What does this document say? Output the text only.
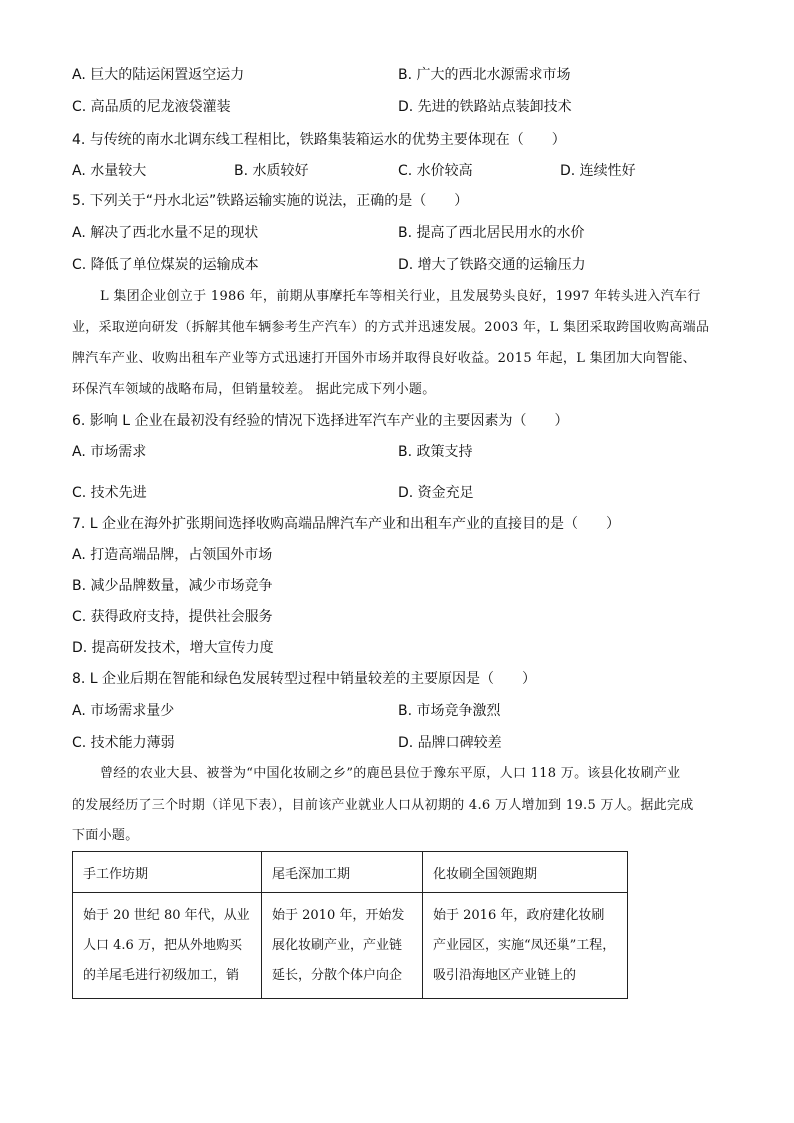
A. 巨大的陆运闲置返空运力	B. 广大的西北水源需求市场
C. 高品质的尼龙液袋灌装	D. 先进的铁路站点装卸技术
4. 与传统的南水北调东线工程相比，铁路集装箱运水的优势主要体现在（　　）
A. 水量较大	B. 水质较好	C. 水价较高	D. 连续性好
5. 下列关于“丹水北运”铁路运输实施的说法，正确的是（　　）
A. 解决了西北水量不足的现状	B. 提高了西北居民用水的水价
C. 降低了单位煤炭的运输成本	D. 增大了铁路交通的运输压力
L 集团企业创立于 1986 年，前期从事摩托车等相关行业，且发展势头良好，1997 年转头进入汽车行
业，采取逆向研发（拆解其他车辆参考生产汽车）的方式并迅速发展。2003 年，L 集团采取跨国收购高端品
牌汽车产业、收购出租车产业等方式迅速打开国外市场并取得良好收益。2015 年起，L 集团加大向智能、
环保汽车领域的战略布局，但销量较差。 据此完成下列小题。
6. 影响 L 企业在最初没有经验的情况下选择进军汽车产业的主要因素为（　　）
A. 市场需求	B. 政策支持
C. 技术先进	D. 资金充足
7. L 企业在海外扩张期间选择收购高端品牌汽车产业和出租车产业的直接目的是（　　）
A. 打造高端品牌，占领国外市场
B. 减少品牌数量，减少市场竞争
C. 获得政府支持，提供社会服务
D. 提高研发技术，增大宣传力度
8. L 企业后期在智能和绿色发展转型过程中销量较差的主要原因是（　　）
A. 市场需求量少	B. 市场竞争激烈
C. 技术能力薄弱	D. 品牌口碑较差
曾经的农业大县、被誉为“中国化妆刷之乡”的鹿邑县位于豫东平原，人口 118 万。该县化妆刷产业
的发展经历了三个时期（详见下表），目前该产业就业人口从初期的 4.6 万人增加到 19.5 万人。据此完成
下面小题。
手工作坊期	尾毛深加工期	化妆刷全国领跑期

始于 20 世纪 80 年代，从业人口 4.6 万，把从外地购买的羊尾毛进行初级加工，销	始于 2010 年，开始发展化妆刷产业，产业链延长，分散个体户向企	始于 2016 年，政府建化妆刷产业园区，实施“凤还巢”工程，吸引沿海地区产业链上的
